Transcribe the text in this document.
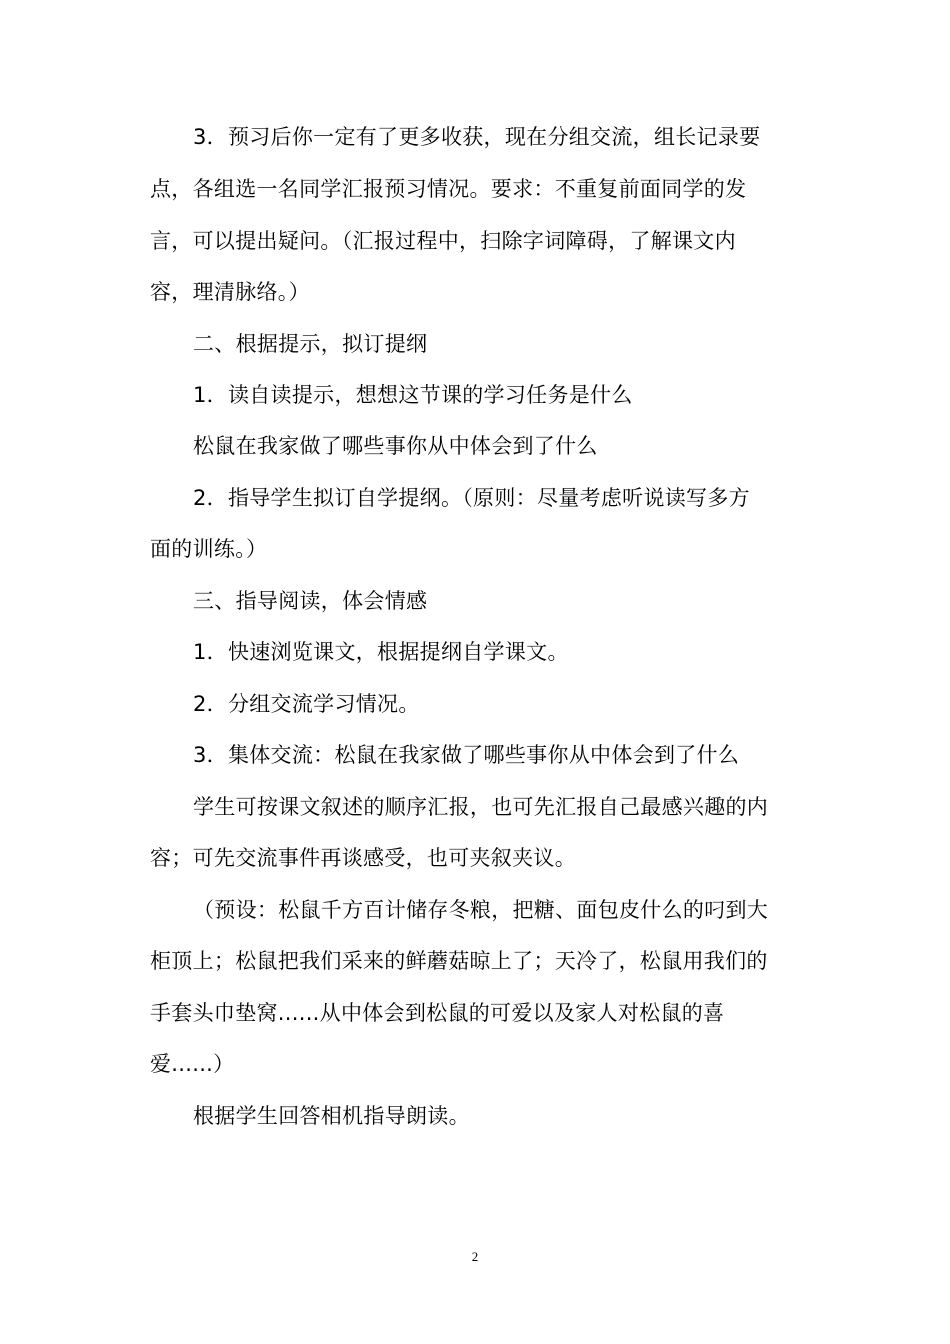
3．预习后你一定有了更多收获，现在分组交流，组长记录要
点，各组选一名同学汇报预习情况。要求：不重复前面同学的发
言，可以提出疑问。（汇报过程中，扫除字词障碍，了解课文内
容，理清脉络。）
二、根据提示，拟订提纲
1．读自读提示，想想这节课的学习任务是什么
松鼠在我家做了哪些事你从中体会到了什么
2．指导学生拟订自学提纲。（原则：尽量考虑听说读写多方
面的训练。）
三、指导阅读，体会情感
1．快速浏览课文，根据提纲自学课文。
2．分组交流学习情况。
3．集体交流：松鼠在我家做了哪些事你从中体会到了什么
学生可按课文叙述的顺序汇报，也可先汇报自己最感兴趣的内
容；可先交流事件再谈感受，也可夹叙夹议。
（预设：松鼠千方百计储存冬粮，把糖、面包皮什么的叼到大
柜顶上；松鼠把我们采来的鲜蘑菇晾上了；天冷了，松鼠用我们的
手套头巾垫窝......从中体会到松鼠的可爱以及家人对松鼠的喜
爱......）
根据学生回答相机指导朗读。
2
